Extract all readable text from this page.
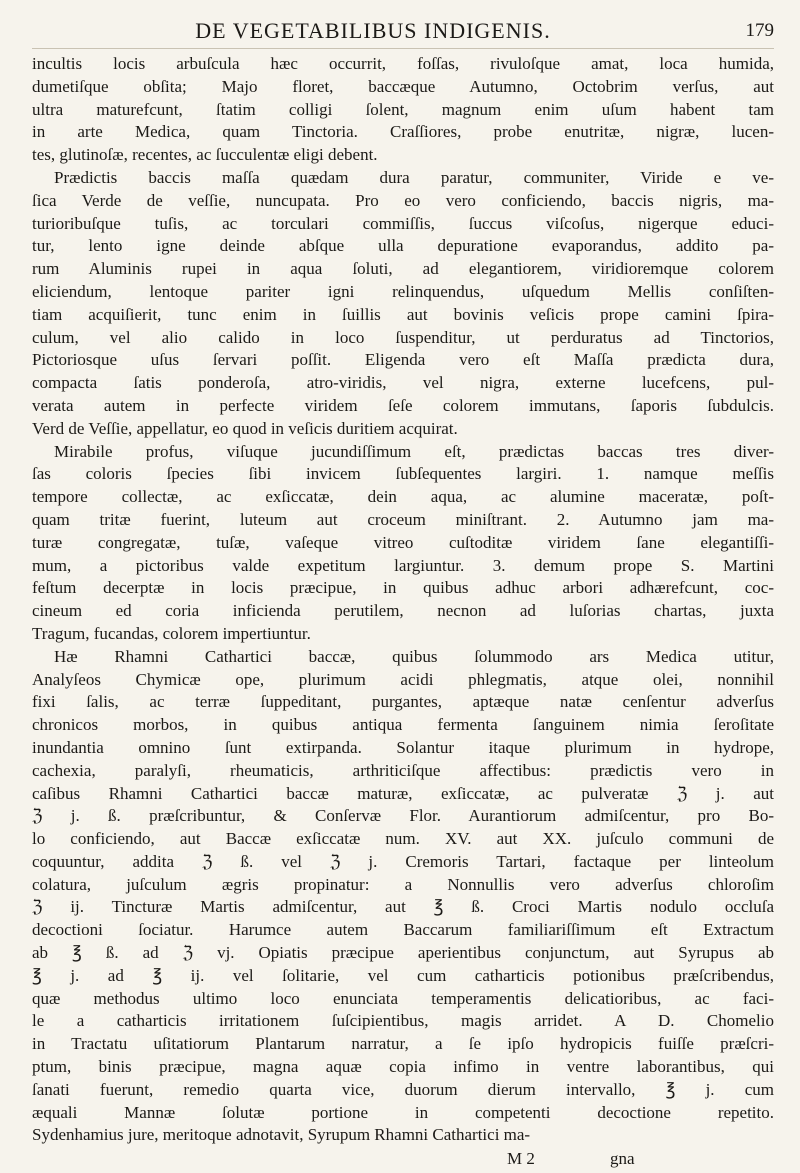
DE VEGETABILIBUS INDIGENIS.	179
incultis locis arbuſcula hæc occurrit, foſſas, rivuloſque amat, loca humida,
dumetiſque obſita; Majo floret, baccæque Autumno, Octobrim verſus, aut
ultra maturefcunt, ſtatim colligi ſolent, magnum enim uſum habent tam
in arte Medica, quam Tinctoria. Craſſiores, probe enutritæ, nigræ, lucen-
tes, glutinoſæ, recentes, ac ſucculentæ eligi debent.
Prædictis baccis maſſa quædam dura paratur, communiter, Viride e ve-
ſica Verde de veſſie, nuncupata. Pro eo vero conficiendo, baccis nigris, ma-
turioribuſque tuſis, ac torculari commiſſis, ſuccus viſcoſus, nigerque educi-
tur, lento igne deinde abſque ulla depuratione evaporandus, addito pa-
rum Aluminis rupei in aqua ſoluti, ad elegantiorem, viridioremque colorem
eliciendum, lentoque pariter igni relinquendus, uſquedum Mellis conſiſten-
tiam acquiſierit, tunc enim in ſuillis aut bovinis veſicis prope camini ſpira-
culum, vel alio calido in loco ſuspenditur, ut perduratus ad Tinctorios,
Pictoriosque uſus ſervari poſſit. Eligenda vero eſt Maſſa prædicta dura,
compacta ſatis ponderoſa, atro-viridis, vel nigra, externe lucefcens, pul-
verata autem in perfecte viridem ſeſe colorem immutans, ſaporis ſubdulcis.
Verd de Veſſie, appellatur, eo quod in veſicis duritiem acquirat.
Mirabile profus, viſuque jucundiſſimum eſt, prædictas baccas tres diver-
ſas coloris ſpecies ſibi invicem ſubſequentes largiri. 1. namque meſſis
tempore collectæ, ac exſiccatæ, dein aqua, ac alumine maceratæ, poſt-
quam tritæ fuerint, luteum aut croceum miniſtrant. 2. Autumno jam ma-
turæ congregatæ, tuſæ, vaſeque vitreo cuſtoditæ viridem ſane elegantiſſi-
mum, a pictoribus valde expetitum largiuntur. 3. demum prope S. Martini
feſtum decerptæ in locis præcipue, in quibus adhuc arbori adhærefcunt, coc-
cineum ed coria inficienda perutilem, necnon ad luſorias chartas, juxta
Tragum, fucandas, colorem impertiuntur.
Hæ Rhamni Cathartici baccæ, quibus ſolummodo ars Medica utitur,
Analyſeos Chymicæ ope, plurimum acidi phlegmatis, atque olei, nonnihil
fixi ſalis, ac terræ ſuppeditant, purgantes, aptæque natæ cenſentur adverſus
chronicos morbos, in quibus antiqua fermenta ſanguinem nimia ſeroſitate
inundantia omnino ſunt extirpanda. Solantur itaque plurimum in hydrope,
cachexia, paralyſi, rheumaticis, arthriticiſque affectibus: prædictis vero in
caſibus Rhamni Cathartici baccæ maturæ, exſiccatæ, ac pulveratæ ℨ j. aut
ℨ j. ß. præſcribuntur, & Conſervæ Flor. Aurantiorum admiſcentur, pro Bo-
lo conficiendo, aut Baccæ exſiccatæ num. XV. aut XX. juſculo communi de
coquuntur, addita ℨ ß. vel ℨ j. Cremoris Tartari, factaque per linteolum
colatura, juſculum ægris propinatur: a Nonnullis vero adverſus chloroſim
ℨ ij. Tincturæ Martis admiſcentur, aut ℥ ß. Croci Martis nodulo occluſa
decoctioni ſociatur. Harumce autem Baccarum familiariſſimum eſt Extractum
ab ℥ ß. ad ℨ vj. Opiatis præcipue aperientibus conjunctum, aut Syrupus ab
℥ j. ad ℥ ij. vel ſolitarie, vel cum catharticis potionibus præſcribendus,
quæ methodus ultimo loco enunciata temperamentis delicatioribus, ac faci-
le a catharticis irritationem ſuſcipientibus, magis arridet. A D. Chomelio
in Tractatu uſitatiorum Plantarum narratur, a ſe ipſo hydropicis fuiſſe præſcri-
ptum, binis præcipue, magna aquæ copia infimo in ventre laborantibus, qui
ſanati fuerunt, remedio quarta vice, duorum dierum intervallo, ℥ j. cum
æquali Mannæ ſolutæ portione in competenti decoctione repetito.
Sydenhamius jure, meritoque adnotavit, Syrupum Rhamni Cathartici ma-
M 2	gna
